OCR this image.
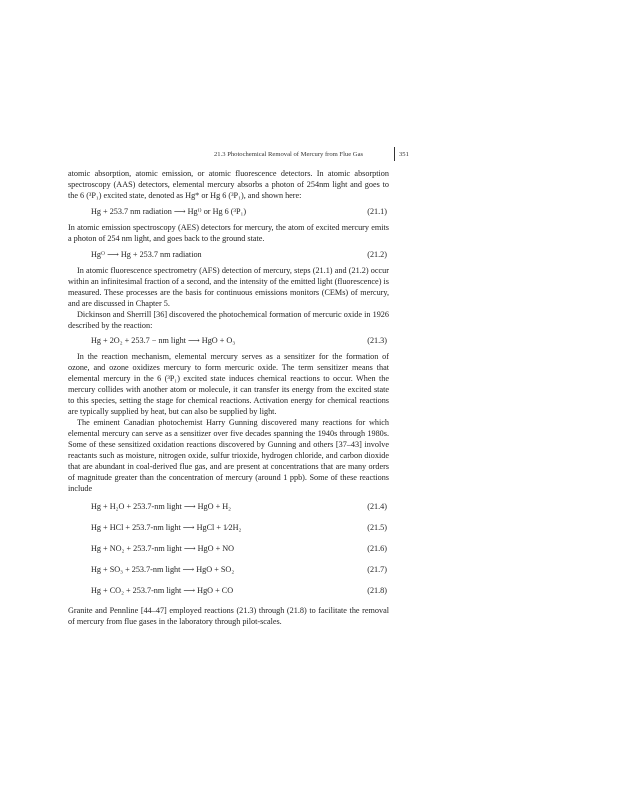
21.3 Photochemical Removal of Mercury from Flue Gas	351

atomic absorption, atomic emission, or atomic fluorescence detectors. In atomic absorption spectroscopy (AAS) detectors, elemental mercury absorbs a photon of 254nm light and goes to the 6 (³P₁) excited state, denoted as Hg* or Hg 6 (³P₁), and shown here:

Hg + 253.7 nm radiation ⟶ Hg⁽⁾ or Hg 6 (³P₁)	(21.1)

In atomic emission spectroscopy (AES) detectors for mercury, the atom of excited mercury emits a photon of 254 nm light, and goes back to the ground state.

Hg⁽⁾ ⟶ Hg + 253.7 nm radiation	(21.2)

In atomic fluorescence spectrometry (AFS) detection of mercury, steps (21.1) and (21.2) occur within an infinitesimal fraction of a second, and the intensity of the emitted light (fluorescence) is measured. These processes are the basis for continuous emissions monitors (CEMs) of mercury, and are discussed in Chapter 5.

Dickinson and Sherrill [36] discovered the photochemical formation of mercuric oxide in 1926 described by the reaction:

Hg + 2O₂ + 253.7 − nm light ⟶ HgO + O₃	(21.3)

In the reaction mechanism, elemental mercury serves as a sensitizer for the formation of ozone, and ozone oxidizes mercury to form mercuric oxide. The term sensitizer means that elemental mercury in the 6 (³P₁) excited state induces chemical reactions to occur. When the mercury collides with another atom or molecule, it can transfer its energy from the excited state to this species, setting the stage for chemical reactions. Activation energy for chemical reactions are typically supplied by heat, but can also be supplied by light.

The eminent Canadian photochemist Harry Gunning discovered many reactions for which elemental mercury can serve as a sensitizer over five decades spanning the 1940s through 1980s. Some of these sensitized oxidation reactions discovered by Gunning and others [37–43] involve reactants such as moisture, nitrogen oxide, sulfur trioxide, hydrogen chloride, and carbon dioxide that are abundant in coal-derived flue gas, and are present at concentrations that are many orders of magnitude greater than the concentration of mercury (around 1 ppb). Some of these reactions include

Hg + H₂O + 253.7-nm light ⟶ HgO + H₂	(21.4)
Hg + HCl + 253.7-nm light ⟶ HgCl + 1⁄2H₂	(21.5)
Hg + NO₂ + 253.7-nm light ⟶ HgO + NO	(21.6)
Hg + SO₃ + 253.7-nm light ⟶ HgO + SO₂	(21.7)
Hg + CO₂ + 253.7-nm light ⟶ HgO + CO	(21.8)

Granite and Pennline [44–47] employed reactions (21.3) through (21.8) to facilitate the removal of mercury from flue gases in the laboratory through pilot-scales.
